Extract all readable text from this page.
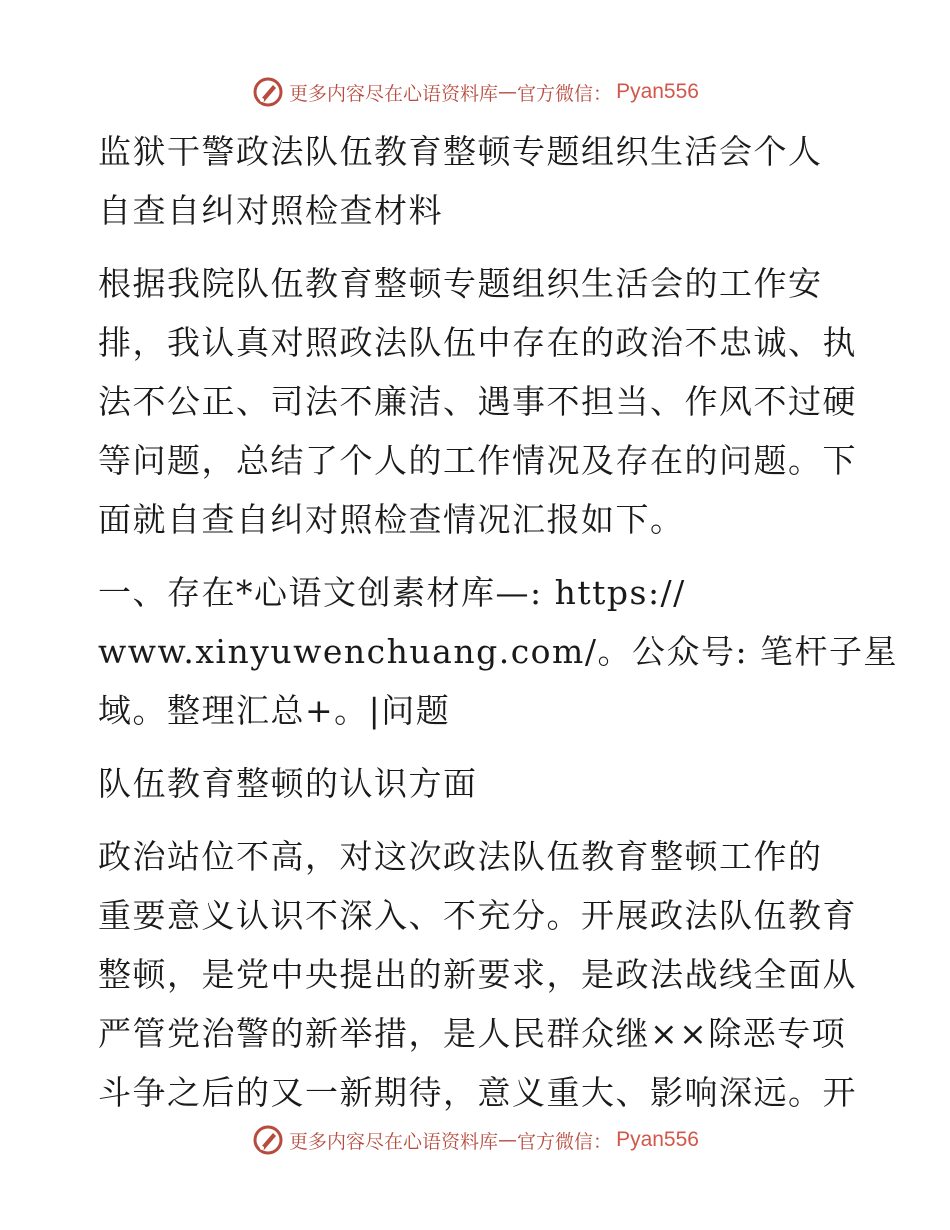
更多内容尽在心语资料库 — 官方微信： Pyan556

监狱干警政法队伍教育整顿专题组织生活会个人

自查自纠对照检查材料

根据我院队伍教育整顿专题组织生活会的工作安

排，我认真对照政法队伍中存在的政治不忠诚、执

法不公正、司法不廉洁、遇事不担当、作风不过硬

等问题，总结了个人的工作情况及存在的问题。下

面就自查自纠对照检查情况汇报如下。

一、存在*心语文创素材库—: https://

www.xinyuwenchuang.com/。公众号: 笔杆子星

域。整理汇总+。|问题

队伍教育整顿的认识方面

政治站位不高，对这次政法队伍教育整顿工作的

重要意义认识不深入、不充分。开展政法队伍教育

整顿，是党中央提出的新要求，是政法战线全面从

严管党治警的新举措，是人民群众继××除恶专项

斗争之后的又一新期待，意义重大、影响深远。开

更多内容尽在心语资料库 — 官方微信： Pyan556
